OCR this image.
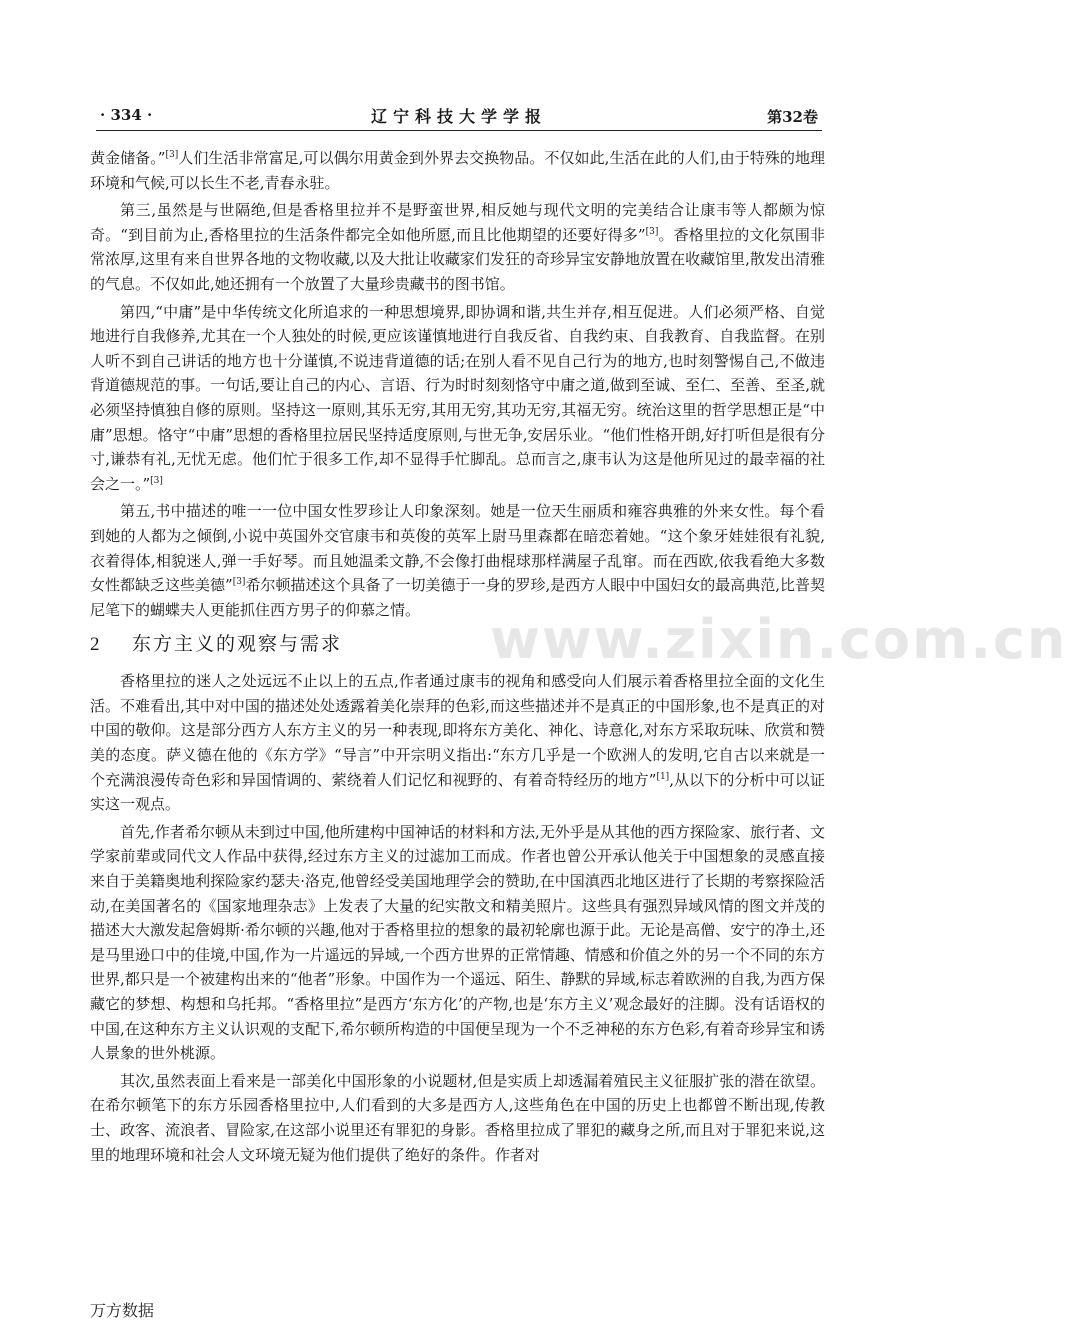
· 334 ·	辽宁科技大学学报	第32卷

黄金储备。”[3]人们生活非常富足,可以偶尔用黄金到外界去交换物品。不仅如此,生活在此的人们,由于特殊的地理环境和气候,可以长生不老,青春永驻。

第三,虽然是与世隔绝,但是香格里拉并不是野蛮世界,相反她与现代文明的完美结合让康韦等人都颇为惊奇。“到目前为止,香格里拉的生活条件都完全如他所愿,而且比他期望的还要好得多”[3]。香格里拉的文化氛围非常浓厚,这里有来自世界各地的文物收藏,以及大批让收藏家们发狂的奇珍异宝安静地放置在收藏馆里,散发出清雅的气息。不仅如此,她还拥有一个放置了大量珍贵藏书的图书馆。

第四,“中庸”是中华传统文化所追求的一种思想境界,即协调和谐,共生并存,相互促进。人们必须严格、自觉地进行自我修养,尤其在一个人独处的时候,更应该谨慎地进行自我反省、自我约束、自我教育、自我监督。在别人听不到自己讲话的地方也十分谨慎,不说违背道德的话;在别人看不见自己行为的地方,也时刻警惕自己,不做违背道德规范的事。一句话,要让自己的内心、言语、行为时时刻刻恪守中庸之道,做到至诚、至仁、至善、至圣,就必须坚持慎独自修的原则。坚持这一原则,其乐无穷,其用无穷,其功无穷,其福无穷。统治这里的哲学思想正是“中庸”思想。恪守“中庸”思想的香格里拉居民坚持适度原则,与世无争,安居乐业。“他们性格开朗,好打听但是很有分寸,谦恭有礼,无忧无虑。他们忙于很多工作,却不显得手忙脚乱。总而言之,康韦认为这是他所见过的最幸福的社会之一。”[3]

第五,书中描述的唯一一位中国女性罗珍让人印象深刻。她是一位天生丽质和雍容典雅的外来女性。每个看到她的人都为之倾倒,小说中英国外交官康韦和英俊的英军上尉马里森都在暗恋着她。“这个象牙娃娃很有礼貌,衣着得体,相貌迷人,弹一手好琴。而且她温柔文静,不会像打曲棍球那样满屋子乱窜。而在西欧,依我看绝大多数女性都缺乏这些美德”[3]希尔顿描述这个具备了一切美德于一身的罗珍,是西方人眼中中国妇女的最高典范,比普契尼笔下的蝴蝶夫人更能抓住西方男子的仰慕之情。

2 东方主义的观察与需求

香格里拉的迷人之处远远不止以上的五点,作者通过康韦的视角和感受向人们展示着香格里拉全面的文化生活。不难看出,其中对中国的描述处处透露着美化崇拜的色彩,而这些描述并不是真正的中国形象,也不是真正的对中国的敬仰。这是部分西方人东方主义的另一种表现,即将东方美化、神化、诗意化,对东方采取玩味、欣赏和赞美的态度。萨义德在他的《东方学》“导言”中开宗明义指出:“东方几乎是一个欧洲人的发明,它自古以来就是一个充满浪漫传奇色彩和异国情调的、萦绕着人们记忆和视野的、有着奇特经历的地方”[1],从以下的分析中可以证实这一观点。

首先,作者希尔顿从未到过中国,他所建构中国神话的材料和方法,无外乎是从其他的西方探险家、旅行者、文学家前辈或同代文人作品中获得,经过东方主义的过滤加工而成。作者也曾公开承认他关于中国想象的灵感直接来自于美籍奥地利探险家约瑟夫·洛克,他曾经受美国地理学会的赞助,在中国滇西北地区进行了长期的考察探险活动,在美国著名的《国家地理杂志》上发表了大量的纪实散文和精美照片。这些具有强烈异域风情的图文并茂的描述大大激发起詹姆斯·希尔顿的兴趣,他对于香格里拉的想象的最初轮廓也源于此。无论是高僧、安宁的净土,还是马里逊口中的佳境,中国,作为一片遥远的异域,一个西方世界的正常情趣、情感和价值之外的另一个不同的东方世界,都只是一个被建构出来的“他者”形象。中国作为一个遥远、陌生、静默的异域,标志着欧洲的自我,为西方保藏它的梦想、构想和乌托邦。“香格里拉”是西方‘东方化’的产物,也是‘东方主义’观念最好的注脚。没有话语权的中国,在这种东方主义认识观的支配下,希尔顿所构造的中国便呈现为一个不乏神秘的东方色彩,有着奇珍异宝和诱人景象的世外桃源。

其次,虽然表面上看来是一部美化中国形象的小说题材,但是实质上却透漏着殖民主义征服扩张的潜在欲望。在希尔顿笔下的东方乐园香格里拉中,人们看到的大多是西方人,这些角色在中国的历史上也都曾不断出现,传教士、政客、流浪者、冒险家,在这部小说里还有罪犯的身影。香格里拉成了罪犯的藏身之所,而且对于罪犯来说,这里的地理环境和社会人文环境无疑为他们提供了绝好的条件。作者对

www.zixin.com.cn
万方数据
